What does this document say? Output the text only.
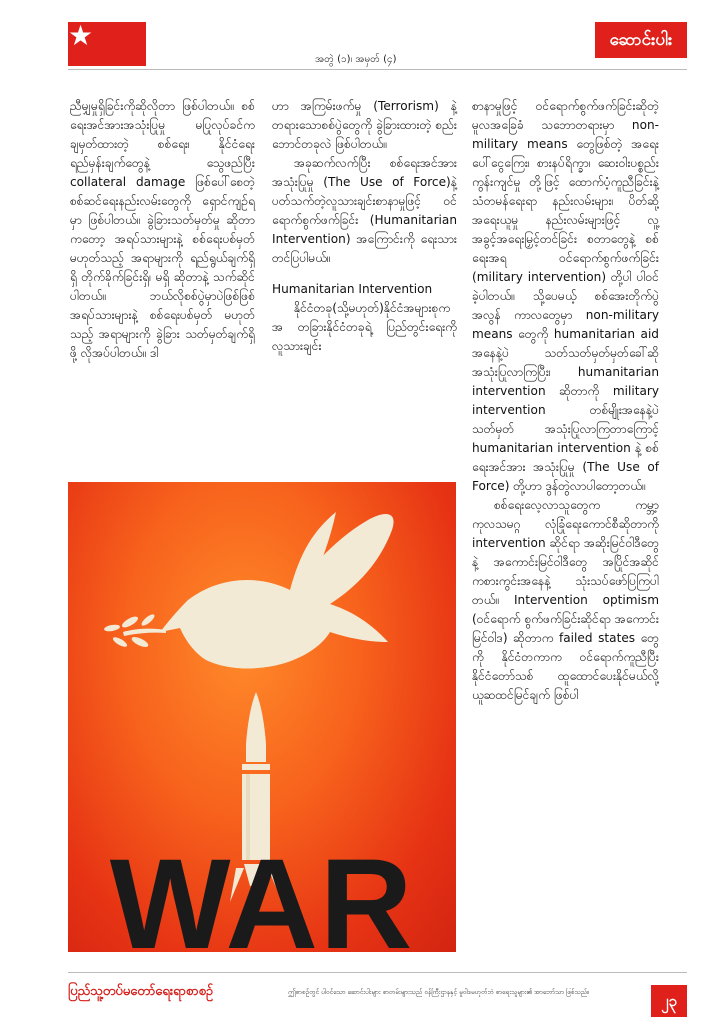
★
အတွဲ (၁)၊ အမှတ် (၄)
ဆောင်းပါး

ညီမျှမှုရှိခြင်းကိုဆိုလိုတာ ဖြစ်ပါတယ်။ စစ်ရေးအင်အားအသုံးပြုမှု မပြုလုပ်ခင်က ချမှတ်ထားတဲ့ စစ်ရေး၊ နိုင်ငံရေး ရည်မှန်းချက်တွေနဲ့ သွေဖည်ပြီး collateral damage ဖြစ်ပေါ်စေတဲ့ စစ်ဆင်ရေးနည်းလမ်းတွေကို ရှောင်ကျဉ်ရမှာ ဖြစ်ပါတယ်။ ခွဲခြားသတ်မှတ်မှု ဆိုတာကတော့ အရပ်သားများနဲ့ စစ်ရေးပစ်မှတ်မဟုတ်သည့် အရာများကို ရည်ရွယ်ချက်ရှိရှိ တိုက်ခိုက်ခြင်းရှိ၊ မရှိ ဆိုတာနဲ့ သက်ဆိုင်ပါတယ်။ ဘယ်လိုစစ်ပွဲမှာပဲဖြစ်ဖြစ် အရပ်သားများနဲ့ စစ်ရေးပစ်မှတ် မဟုတ်သည့် အရာများကို ခွဲခြား သတ်မှတ်ချက်ရှိဖို့ လိုအပ်ပါတယ်။ ဒါ

ဟာ အကြမ်းဖက်မှု (Terrorism) နဲ့ တရားသောစစ်ပွဲတွေကို ခွဲခြားထားတဲ့ စည်းဘောင်တခုလဲ ဖြစ်ပါတယ်။

အခုဆက်လက်ပြီး စစ်ရေးအင်အားအသုံးပြုမှု (The Use of Force)နဲ့ပတ်သက်တဲ့လူသားချင်းစာနာမှုဖြင့် ဝင်ရောက်စွက်ဖက်ခြင်း (Humanitarian Intervention) အကြောင်းကို ရေးသားတင်ပြပါမယ်။

Humanitarian Intervention

နိုင်ငံတခု(သို့မဟုတ်)နိုင်ငံအများစုကအ တခြားနိုင်ငံတခုရဲ့ ပြည်တွင်းရေးကို လူသားချင်း

စာနာမှုဖြင့် ဝင်ရောက်စွက်ဖက်ခြင်းဆိုတဲ့ မူလအခြေခံ သဘောတရားမှာ non-military means တွေဖြစ်တဲ့ အရေးပေါ်ငွေကြေး၊ စားနပ်ရိက္ခာ၊ ဆေးဝါးပစ္စည်းကွန်းကျင်မှု တို့ဖြင့် ထောက်ပံ့ကူညီခြင်းနဲ့ သံတမန်ရေးရာ နည်းလမ်းများ၊ ပိတ်ဆို့အရေးယူမှု နည်းလမ်းများဖြင့် လူ့အခွင့်အရေးမြှင့်တင်ခြင်း စတာတွေနဲ့ စစ်ရေးအရ ဝင်ရောက်စွက်ဖက်ခြင်း (military intervention) တို့ပါ ပါဝင်ခဲ့ပါတယ်။ သို့ပေမယ့် စစ်အေးတိုက်ပွဲအလွန် ကာလတွေမှာ non-military means တွေကို humanitarian aid အနေနဲ့ပဲ သတ်သတ်မှတ်မှတ်ခေါ်ဆိုအသုံးပြုလာကြပြီး၊ humanitarian intervention ဆိုတာကို military intervention တစ်မျိုးအနေနဲ့ပဲ သတ်မှတ် အသုံးပြုလာကြတာကြောင့် humanitarian intervention နဲ့ စစ်ရေးအင်အား အသုံးပြုမှု (The Use of Force) တို့ဟာ ဒွန်တွဲလာပါတော့တယ်။

စစ်ရေးလေ့လာသူတွေက ကမ္ဘာ့ကုလသမဂ္ဂ လုံခြုံရေးကောင်စီဆိုတာကို intervention ဆိုင်ရာ အဆိုးမြင်ဝါဒီတွေနဲ့ အကောင်းမြင်ဝါဒီတွေ အပြိုင်အဆိုင်ကစားကွင်းအနေနဲ့ သုံးသပ်ဖော်ပြကြပါတယ်။ Intervention optimism (ဝင်ရောက် စွက်ဖက်ခြင်းဆိုင်ရာ အကောင်းမြင်ဝါဒ) ဆိုတာက failed states တွေကို နိုင်ငံတကာက ဝင်ရောက်ကူညီပြီး နိုင်ငံတော်သစ် ထူထောင်ပေးနိုင်မယ်လို့ ယူဆထင်မြင်ချက် ဖြစ်ပါ

WAR
ပြည်သူ့တပ်မတော်ရေးရာစာစဉ်	ဤစာစဉ်တွင် ပါဝင်သော ဆောင်းပါးများ စာတမ်းများသည် ဝန်ကြီးဌာနနှင့် မူဝါဒမဟုတ်ဘဲ စာရေးသူများ၏ အာဘော်သာ ဖြစ်သည်။	၂၃
